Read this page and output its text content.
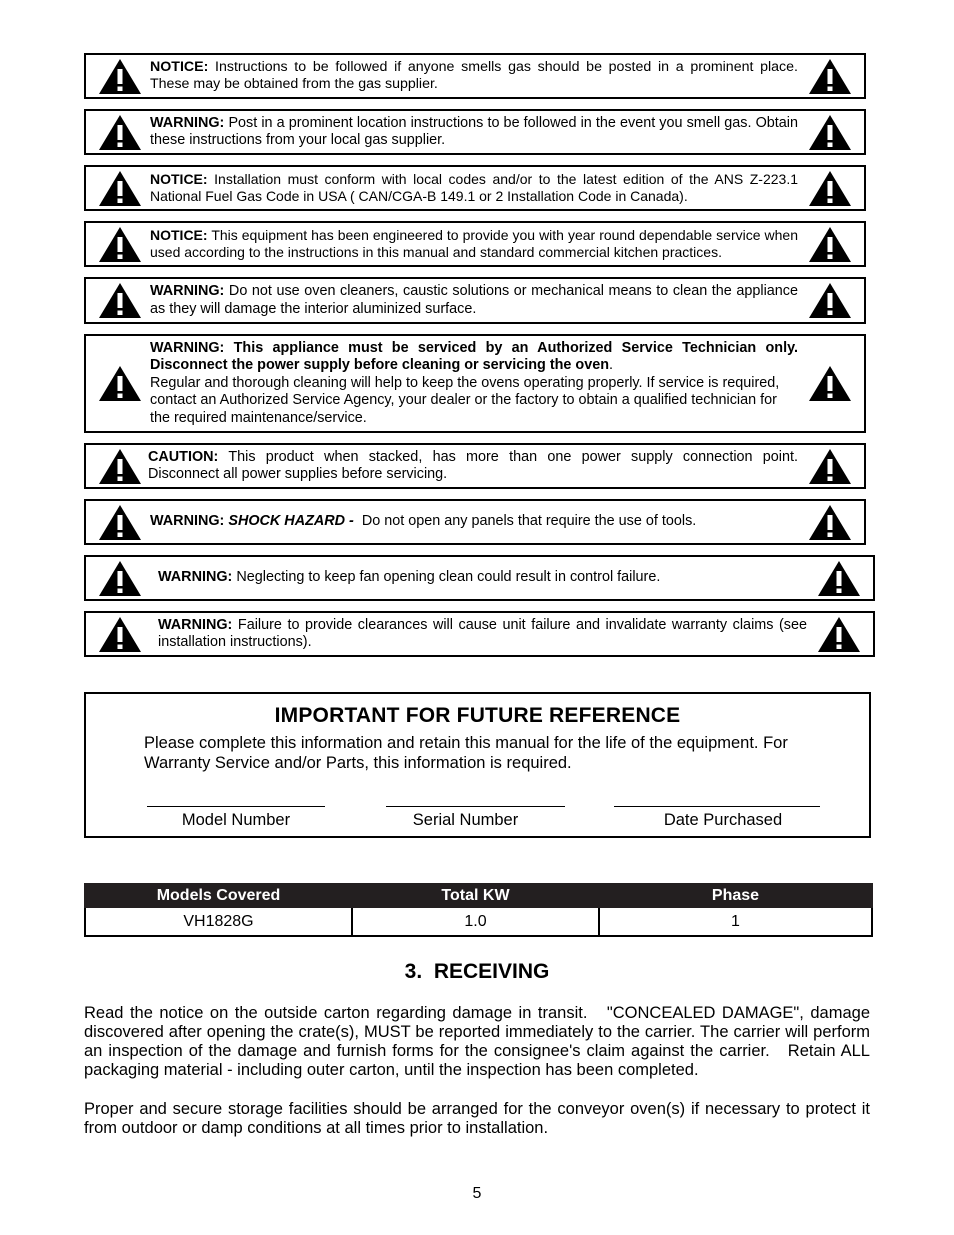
NOTICE: Instructions to be followed if anyone smells gas should be posted in a prominent place. These may be obtained from the gas supplier.
WARNING: Post in a prominent location instructions to be followed in the event you smell gas. Obtain these instructions from your local gas supplier.
NOTICE: Installation must conform with local codes and/or to the latest edition of the ANS Z-223.1 National Fuel Gas Code in USA ( CAN/CGA-B 149.1 or 2 Installation Code in Canada).
NOTICE: This equipment has been engineered to provide you with year round dependable service when used according to the instructions in this manual and standard commercial kitchen practices.
WARNING: Do not use oven cleaners, caustic solutions or mechanical means to clean the appliance as they will damage the interior aluminized surface.
WARNING: This appliance must be serviced by an Authorized Service Technician only. Disconnect the power supply before cleaning or servicing the oven.
Regular and thorough cleaning will help to keep the ovens operating properly. If service is required, contact an Authorized Service Agency, your dealer or the factory to obtain a qualified technician for the required maintenance/service.
CAUTION: This product when stacked, has more than one power supply connection point. Disconnect all power supplies before servicing.
WARNING: SHOCK HAZARD - Do not open any panels that require the use of tools.
WARNING: Neglecting to keep fan opening clean could result in control failure.
WARNING: Failure to provide clearances will cause unit failure and invalidate warranty claims (see installation instructions).
IMPORTANT FOR FUTURE REFERENCE
Please complete this information and retain this manual for the life of the equipment. For Warranty Service and/or Parts, this information is required.
Model Number	Serial Number	Date Purchased
Models Covered	Total KW	Phase
VH1828G	1.0	1
3.  RECEIVING
Read the notice on the outside carton regarding damage in transit.   "CONCEALED DAMAGE", damage discovered after opening the crate(s), MUST be reported immediately to the carrier. The carrier will perform an inspection of the damage and furnish forms for the consignee's claim against the carrier.   Retain ALL packaging material - including outer carton, until the inspection has been completed.
Proper and secure storage facilities should be arranged for the conveyor oven(s) if necessary to protect it from outdoor or damp conditions at all times prior to installation.
5
